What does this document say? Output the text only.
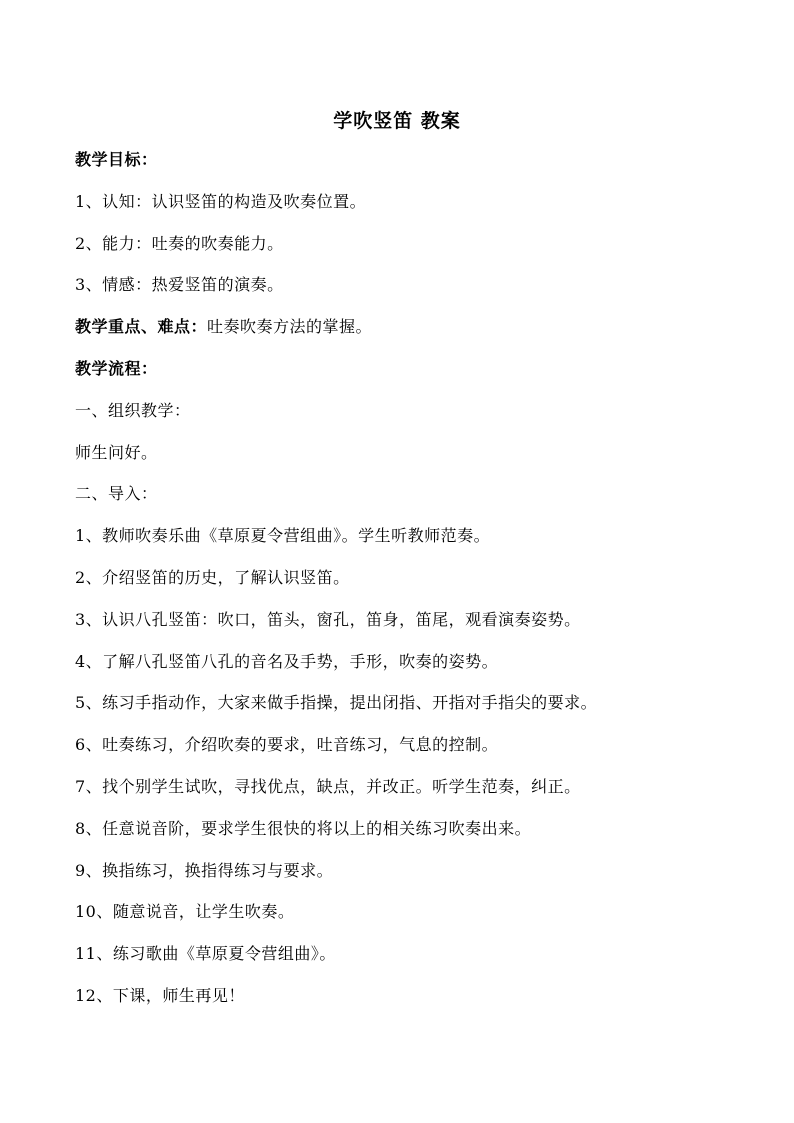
学吹竖笛 教案
教学目标：
1、认知：认识竖笛的构造及吹奏位置。
2、能力：吐奏的吹奏能力。
3、情感：热爱竖笛的演奏。
教学重点、难点：吐奏吹奏方法的掌握。
教学流程：
一、组织教学：
师生问好。
二、导入：
1、教师吹奏乐曲《草原夏令营组曲》。学生听教师范奏。
2、介绍竖笛的历史，了解认识竖笛。
3、认识八孔竖笛：吹口，笛头，窗孔，笛身，笛尾，观看演奏姿势。
4、了解八孔竖笛八孔的音名及手势，手形，吹奏的姿势。
5、练习手指动作，大家来做手指操，提出闭指、开指对手指尖的要求。
6、吐奏练习，介绍吹奏的要求，吐音练习，气息的控制。
7、找个别学生试吹，寻找优点，缺点，并改正。听学生范奏，纠正。
8、任意说音阶，要求学生很快的将以上的相关练习吹奏出来。
9、换指练习，换指得练习与要求。
10、随意说音，让学生吹奏。
11、练习歌曲《草原夏令营组曲》。
12、下课，师生再见！
